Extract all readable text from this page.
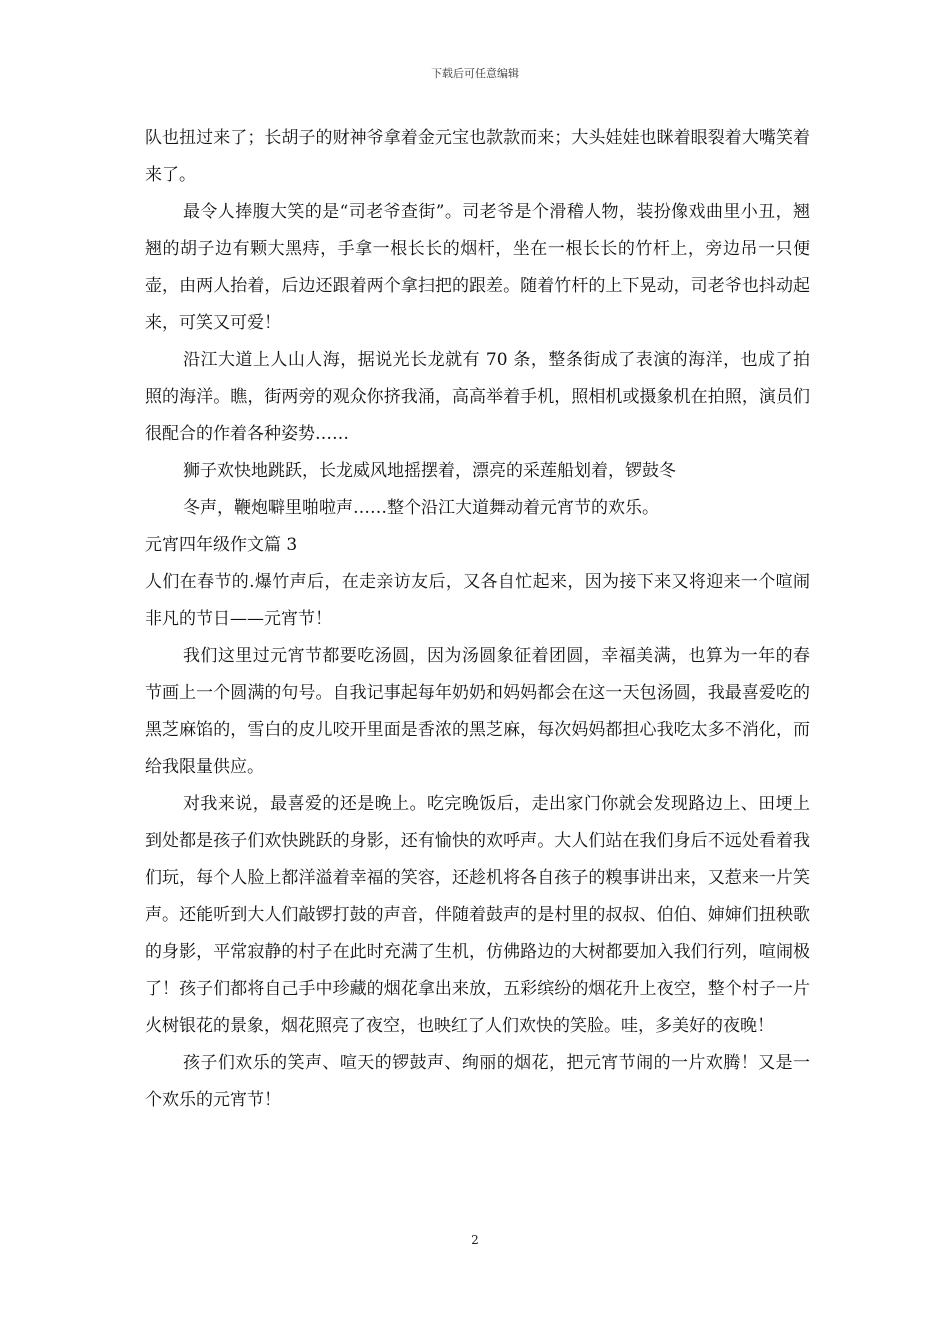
下载后可任意编辑

队也扭过来了；长胡子的财神爷拿着金元宝也款款而来；大头娃娃也眯着眼裂着大嘴笑着来了。

最令人捧腹大笑的是“司老爷查街”。司老爷是个滑稽人物，装扮像戏曲里小丑，翘翘的胡子边有颗大黑痔，手拿一根长长的烟杆，坐在一根长长的竹杆上，旁边吊一只便壶，由两人抬着，后边还跟着两个拿扫把的跟差。随着竹杆的上下晃动，司老爷也抖动起来，可笑又可爱！

沿江大道上人山人海，据说光长龙就有 70 条，整条街成了表演的海洋，也成了拍照的海洋。瞧，街两旁的观众你挤我涌，高高举着手机，照相机或摄象机在拍照，演员们很配合的作着各种姿势……

狮子欢快地跳跃，长龙威风地摇摆着，漂亮的采莲船划着，锣鼓冬

冬声，鞭炮噼里啪啦声……整个沿江大道舞动着元宵节的欢乐。

元宵四年级作文篇 3

人们在春节的.爆竹声后，在走亲访友后，又各自忙起来，因为接下来又将迎来一个喧闹非凡的节日——元宵节！

我们这里过元宵节都要吃汤圆，因为汤圆象征着团圆，幸福美满，也算为一年的春节画上一个圆满的句号。自我记事起每年奶奶和妈妈都会在这一天包汤圆，我最喜爱吃的黑芝麻馅的，雪白的皮儿咬开里面是香浓的黑芝麻，每次妈妈都担心我吃太多不消化，而给我限量供应。

对我来说，最喜爱的还是晚上。吃完晚饭后，走出家门你就会发现路边上、田埂上到处都是孩子们欢快跳跃的身影，还有愉快的欢呼声。大人们站在我们身后不远处看着我们玩，每个人脸上都洋溢着幸福的笑容，还趁机将各自孩子的糗事讲出来，又惹来一片笑声。还能听到大人们敲锣打鼓的声音，伴随着鼓声的是村里的叔叔、伯伯、婶婶们扭秧歌的身影，平常寂静的村子在此时充满了生机，仿佛路边的大树都要加入我们行列，喧闹极了！孩子们都将自己手中珍藏的烟花拿出来放，五彩缤纷的烟花升上夜空，整个村子一片火树银花的景象，烟花照亮了夜空，也映红了人们欢快的笑脸。哇，多美好的夜晚！

孩子们欢乐的笑声、喧天的锣鼓声、绚丽的烟花，把元宵节闹的一片欢腾！又是一个欢乐的元宵节！

2
